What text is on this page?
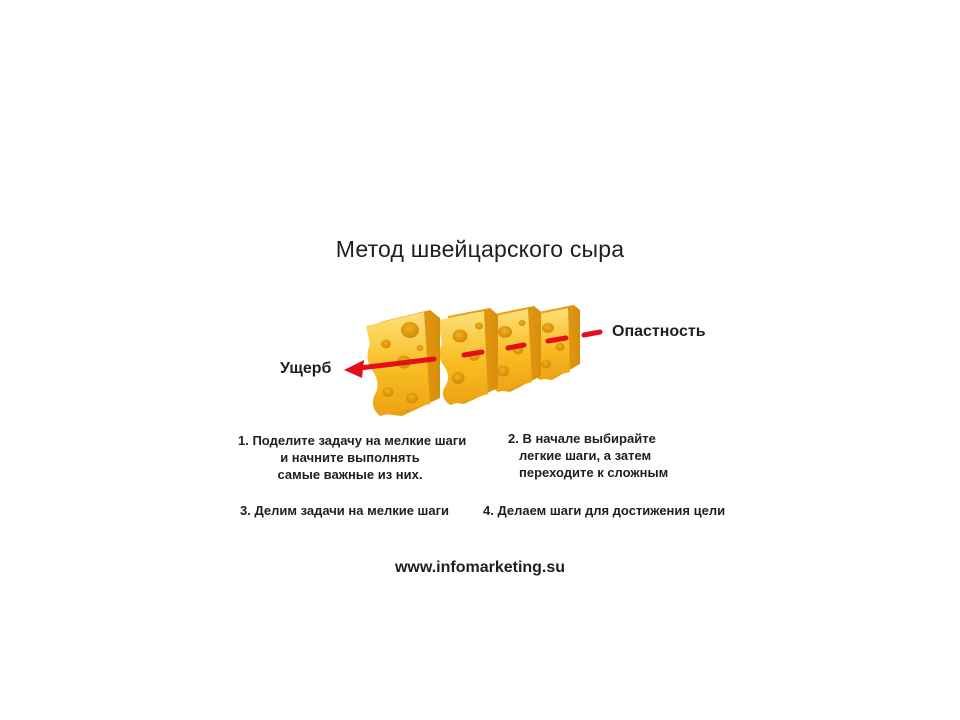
Метод швейцарского сыра
Опастность
Ущерб
1. Поделите задачу на мелкие шаги
и начните выполнять
самые важные из них.
2. В начале выбирайте
легкие шаги, а затем
переходите к сложным
3. Делим задачи на мелкие шаги	4. Делаем шаги для достижения цели
www.infomarketing.su
